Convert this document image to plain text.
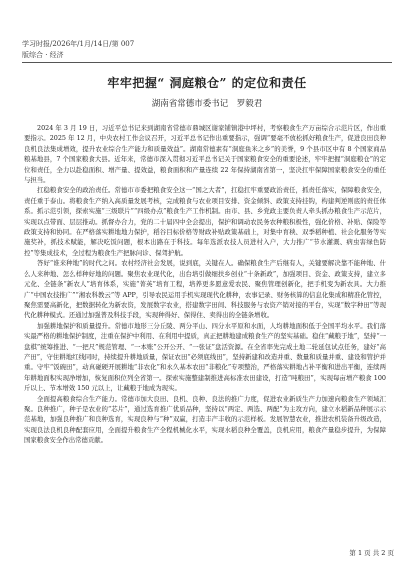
学习时报/2026年/1月/14日/第 007
版综合 · 经济
牢牢把握“ 洞庭粮仓” 的定位和责任
湖南省常德市委书记　罗毅君

2024 年 3 月 19 日，习近平总书记来到湖南省常德市鼎城区谢家铺镇港中坪村，考察粮食生产万亩综合示范片区，作出重要指示。2025 年 12 月，中央农村工作会议召开，习近平总书记作出重要指示，强调“要毫不放松抓好粮食生产，促进良田良种良机良法集成增效，提升农业综合生产能力和质量效益”。湖南常德素有“洞庭鱼米之乡”的美誉，9 个县市区中有 8 个国家商品粮基地县，7 个国家粮食大县。近年来，常德市深入贯彻习近平总书记关于国家粮食安全的重要论述，牢牢把握“洞庭粮仓”的定位和责任，全力以赴稳面积、增产量、提效益，粮食面积和产量连续 22 年保持湖南省第一，坚决扛牢保障国家粮食安全的重任与担当。

扛稳粮食安全的政治责任。常德市市委把粮食安全这一“国之大者”，扛稳扛牢重要政治责任，抓责任落实，保障粮食安全，责任重于泰山。将粮食生产纳入高质量发展考核，完成粮食与农业项目安排、资金倾斜、政策支持挂钩，构建判逆则底的责任体系。抓示范引领，探索实施“三级联片”“四级办点”粮食生产工作机制。由市、县、乡党政主要负责人牵头抓办粮食生产示范片，实现以点带面、层层推动。抓督办合力，党的二十届四中全会提出，保护和调动农民务农种粮积极性，强化价格、补贴、保险等政策支持和协同。在严格落实耕地地力保护，稻谷目标价格等财政补贴政策基础上，对集中育秧、双季稻种植、社会化服务等实施奖补，抓技术赋能，解决吃饭问题，根本出路在于科技。每年选派农技人员进村入户，大力推广“节水灌溉、病虫害绿色防控”等集成技术，全过程为粮食生产把脉问诊、保驾护航。

答好“谁来种地”的时代之问。农村经济社会发展，说到底，关键在人。确保粮食生产后继有人，关键要解决靠不能种地、什么人来种地、怎么样种好地的问题。聚焦农业现代化，出台培引做细扶乡创业“十条新政”，加强项目、资金、政策支持，建立多元化、全链条“新农人”培育体系，实施“菁英”培育工程，培养更多愿意爱农民、聚焦管理创新化，把手机变为新农具。大力推广“中国农技推广”“湘农科教云”等 APP，引导农民运用手机实现现代化耕种，农事记录、财务核算的信息化集成和精准化管控，聚焦需要高新化，把数据转化为新农资，发展数字农业，搭建数字田间、科技服务与农资产销对接的平台，实现“数字种田”等现代化耕种模式。还通过加强普及科技手段，实现种得好、保得住、卖得出的全链条增收。

加强耕地保护和质量提升。常德市地形三分丘陵、两分平山、四分水平原和水面，人均耕地面积低于全国平均水平。我们落实最严格的耕地保护制度，注重在保护中利用、在利用中提质，真正把耕地建成粮食生产的坚实基础。稳住“藏粮于地”，坚持“一盘棋”统筹推进、“一把尺”规范管理、“一本账”公开公开、“一张证”盘活资源。在全省率先完成土地二轮延包试点任务，建好“高产田”，守住耕地红线同时，持续提升耕地质量，保证农田“必须底线田”，坚持新建和改造并重、数量和质量并重、建设和管护并重。守牢“饭碗田”，动真碰硬开展耕地“非农化”和永久基本农田“非粮化”专项整治，严格落实耕地占补平衡和进出平衡，连续两年耕地面积实现净增加，恢复面积位列全省第一。探索实施整建制推进高标准农田建设，打造“吨粮田”，实现每亩增产粮食 100 斤以上、节本增效 150 元以上，让藏粮于地成为现实。

全面提高粮食综合生产能力。常德市加大良田、良机、良种、良法的推广力度，促进农业新质生产力加速向粮食生产领域汇聚。良种推广，种子是农业的“芯片”，通过选育推广优质品种，坚持以“两定、两选、两配”为主攻方向，建立水稻新品种展示示范基地，加强良种推广和良种选育，实现良种与“种”双赢，打造丰产丰收的示范样板。发展智慧农业，推进农机装备升级改造，实现良法良机良种配套应用，全面提升粮食生产全程机械化水平，实现水稻良种全覆盖，良机应用，粮食产量稳步提升，为保障国家粮食安全作出常德贡献。

第 1 页 共 2 页
